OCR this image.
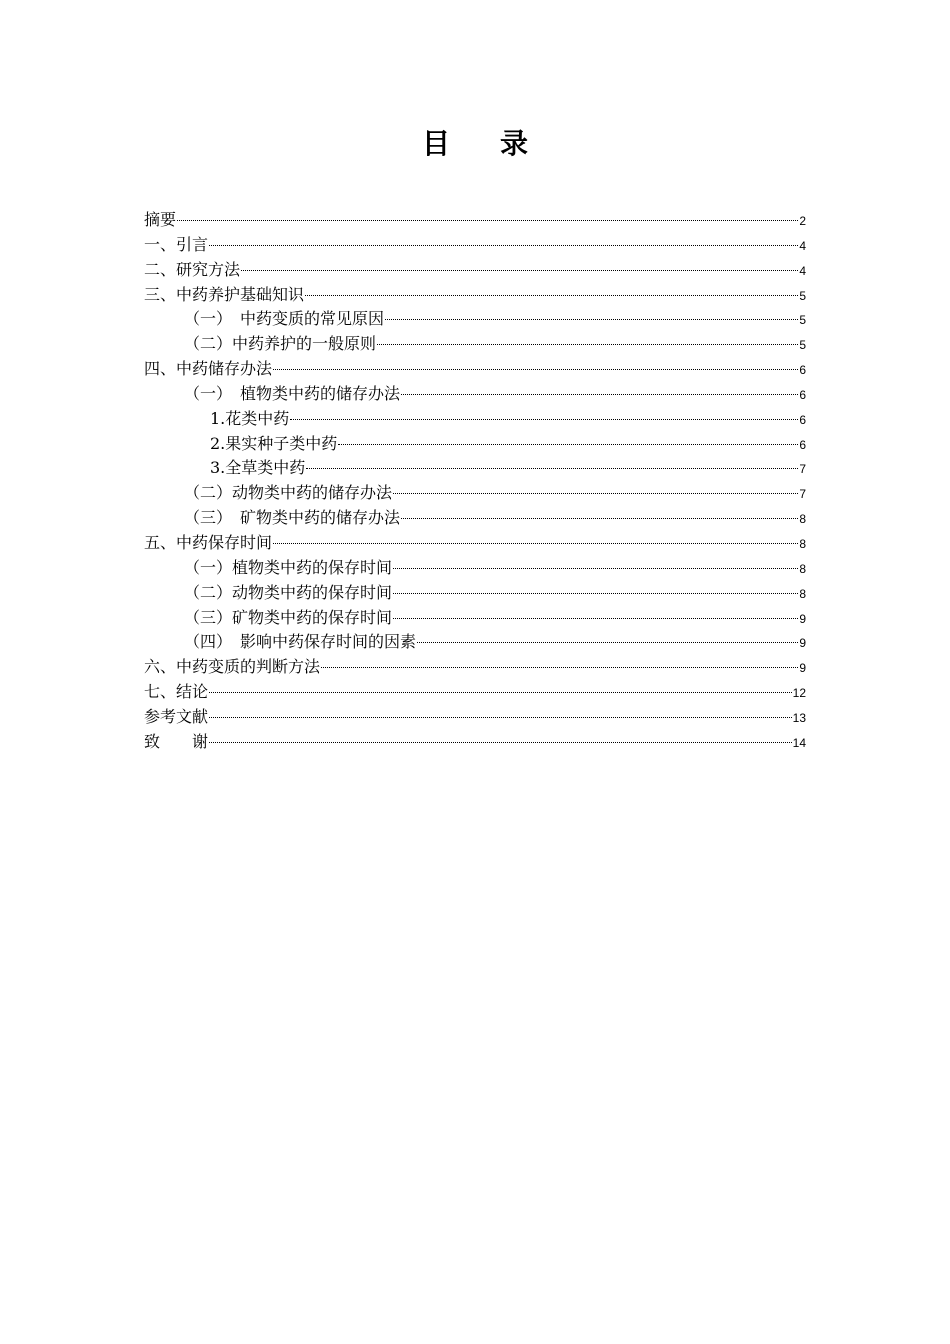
目 录
摘要	2
一、引言	4
二、研究方法	4
三、中药养护基础知识	5
（一）　中药变质的常见原因	5
（二）中药养护的一般原则	5
四、中药储存办法	6
（一）　植物类中药的储存办法	6
1.花类中药	6
2.果实种子类中药	6
3.全草类中药	7
（二）动物类中药的储存办法	7
（三）　矿物类中药的储存办法	8
五、中药保存时间	8
（一）植物类中药的保存时间	8
（二）动物类中药的保存时间	8
（三）矿物类中药的保存时间	9
（四）　影响中药保存时间的因素	9
六、中药变质的判断方法	9
七、结论	12
参考文献	13
致　　谢	14
